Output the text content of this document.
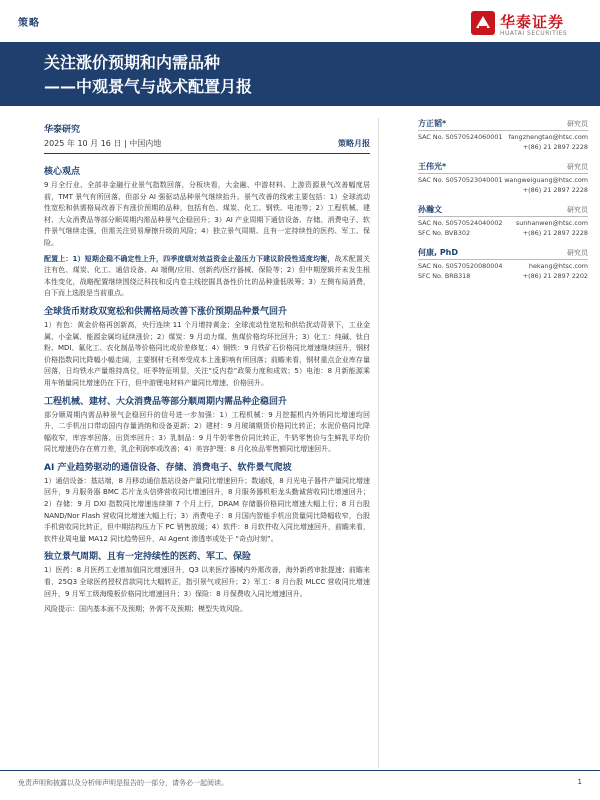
策略	华泰证券
HUATAI SECURITIES
关注涨价预期和内需品种
——中观景气与战术配置月报
华泰研究
2025 年 10 月 16 日 | 中国内地	策略月报
核心观点

9 月全行业、全部非金融行业景气指数回落，分板块看，大金融、中游材料、上游资源景气改善幅度居前，TMT 景气有所回落，但部分 AI 强驱动品种景气继续抬升。景气改善的线索主要包括：1）全球流动性宽松和供需格局改善下有涨价预期的品种，包括有色、煤炭、化工、钢铁、电池等；2）工程机械、建材、大众消费品等部分顺周期内需品种景气企稳回升；3）AI 产业周期下通信设备、存储、消费电子、软件景气继续走强，但需关注贸易摩擦升级的风险；4）独立景气周期、且有一定持续性的医药、军工、保险。

配置上：1）短期企稳不确定性上升，四季度绩对效益资金止盈压力下建议阶段性适度均衡，战术配置关注有色、煤炭、化工、通信设备、AI 端侧/应用、创新药/医疗器械、保险等；2）但中期逻辑并未发生根本性变化，战略配置继续围绕泛科技和反内卷主线挖掘具备性价比的品种逢低吸筹；3）左侧布局消费，自下而上选股是当前重点。

全球货币财政双宽松和供需格局改善下涨价预期品种景气回升

1）有色：黄金价格再创新高，央行连续 11 个月增持黄金；全球流动性宽松和供给扰动背景下，工业金属、小金属、能源金属均延续涨价；2）煤炭：9 月动力煤、焦煤价格均环比回升；3）化工：纯碱、钛白粉、MDI、氟化工、农化制品等价格同比或价差修复；4）钢铁：9 月铁矿石价格同比增速继续回升，钢材价格指数同比降幅小幅走阔，主要钢材毛利率受成本上涨影响有所回落；前瞻来看，钢材重点企业库存量回落，日均铁水产量维持高位，旺季特征明显，关注“反内卷”政策力度和成效；5）电池：8 月新能源乘用车销量同比增速仍在下行，但中游锂电材料产量同比增速、价格回升。

工程机械、建材、大众消费品等部分顺周期内需品种企稳回升

部分顺周期内需品种景气企稳回升的信号进一步加强：1）工程机械：9 月挖掘机内外销同比增速均回升，二手机出口带动国内存量消纳和设备更新；2）建材：9 月玻璃期货价格同比转正；水泥价格同比降幅收窄，库容率回落、出货率回升；3）乳制品：9 月牛奶零售价同比转正，牛奶零售价与生鲜乳平均价同比增速仍存在剪刀差，乳企利润率或改善；4）美容护理：8 月化妆品零售额同比增速回升。

AI 产业趋势驱动的通信设备、存储、消费电子、软件景气爬坡

1）通信设备：基站端，8 月移动通信基站设备产量同比增速回升；数通线，8 月光电子器件产量同比增速回升，9 月服务器 BMC 芯片龙头信骅营收同比增速回升，8 月服务器机柜龙头勤诚营收同比增速回升；2）存储：9 月 DXI 指数同比增速连续第 7 个月上行，DRAM 存储器价格同比增速大幅上行；8 月台股 NAND/Nor Flash 营收同比增速大幅上行；3）消费电子：8 月国内智能手机出货量同比降幅收窄，台股手机营收同比转正，但中期结构压力下 PC 销售放缓；4）软件：8 月软件收入同比增速回升，前瞻来看，软件业周电量 MA12 同比趋势回升，AI Agent 渗透率或处于 “奇点时刻”。

独立景气周期、且有一定持续性的医药、军工、保险

1）医药：8 月医药工业增加值同比增速回升，Q3 以来医疗器械内外需改善，海外新药审批提速；前瞻来看，25Q3 全球医药授权首款同比大幅转正，指引景气或回升；2）军工：8 月台股 MLCC 营收同比增速回升，9 月军工级海缆板价格同比增速回升；3）保险：8 月保费收入同比增速回升。

风险提示：国内基本面不及预期；外需不及预期；模型失效风险。

方正韬*	研究员
SAC No. S0570524060001 fangzhengtao@htsc.com
+(86) 21 2897 2228
王伟光*	研究员
SAC No. S0570523040001 wangweiguang@htsc.com
+(86) 21 2897 2228
孙瀚文	研究员
SAC No. S0570524040002 sunhanwen@htsc.com
SFC No. BVB302	+(86) 21 2897 2228
何康, PhD	研究员
SAC No. S0570520080004	hekang@htsc.com
SFC No. BRB318	+(86) 21 2897 2202
免责声明和披露以及分析师声明是报告的一部分，请务必一起阅读。	1
